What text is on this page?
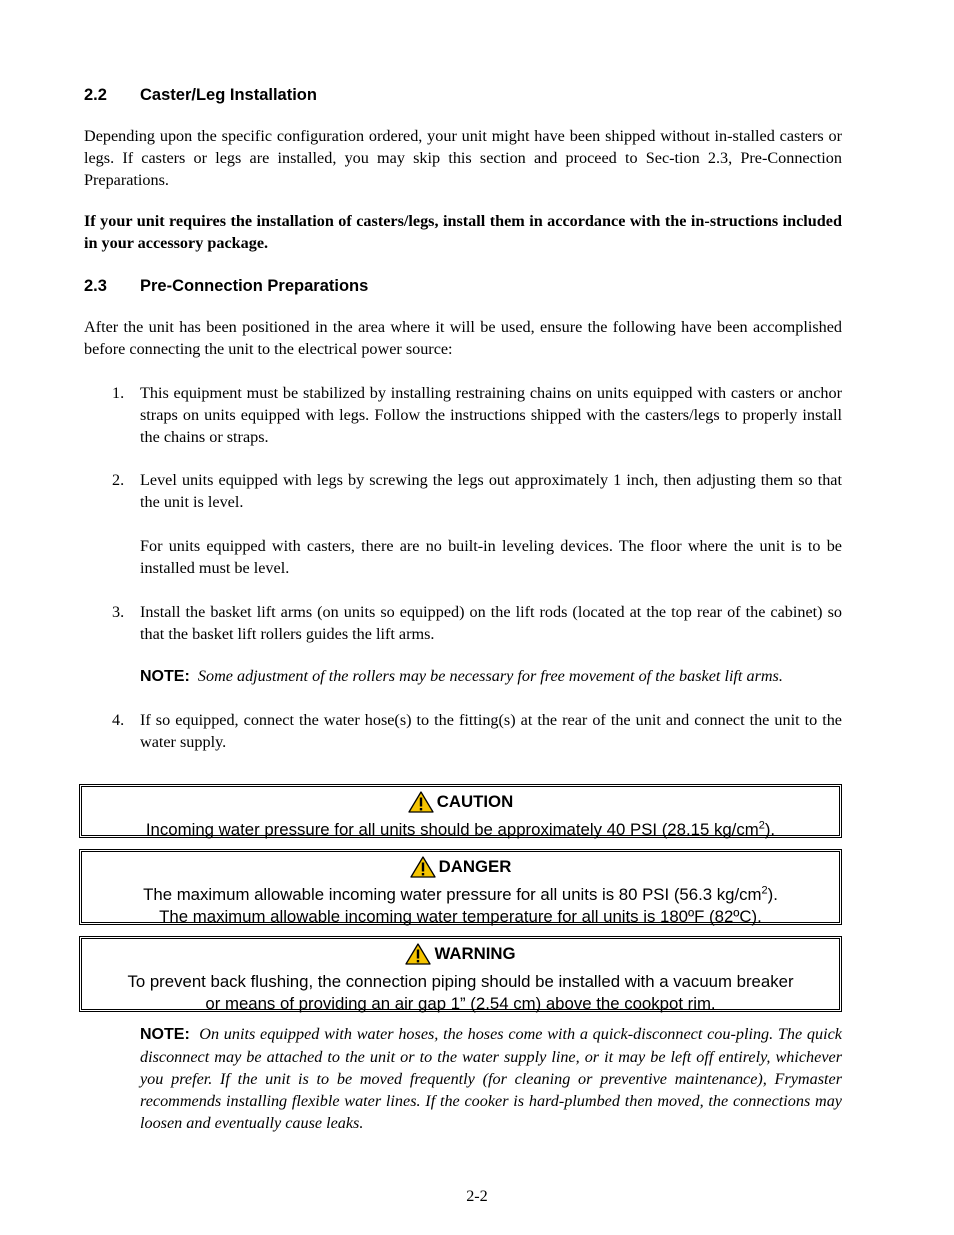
2.2 Caster/Leg Installation

Depending upon the specific configuration ordered, your unit might have been shipped without in-stalled casters or legs. If casters or legs are installed, you may skip this section and proceed to Sec-tion 2.3, Pre-Connection Preparations.

If your unit requires the installation of casters/legs, install them in accordance with the in-structions included in your accessory package.

2.3 Pre-Connection Preparations

After the unit has been positioned in the area where it will be used, ensure the following have been accomplished before connecting the unit to the electrical power source:

1. This equipment must be stabilized by installing restraining chains on units equipped with casters or anchor straps on units equipped with legs. Follow the instructions shipped with the casters/legs to properly install the chains or straps.

2. Level units equipped with legs by screwing the legs out approximately 1 inch, then adjusting them so that the unit is level.

For units equipped with casters, there are no built-in leveling devices. The floor where the unit is to be installed must be level.

3. Install the basket lift arms (on units so equipped) on the lift rods (located at the top rear of the cabinet) so that the basket lift rollers guides the lift arms.

NOTE: Some adjustment of the rollers may be necessary for free movement of the basket lift arms.

4. If so equipped, connect the water hose(s) to the fitting(s) at the rear of the unit and connect the unit to the water supply.

CAUTION
Incoming water pressure for all units should be approximately 40 PSI (28.15 $kg/cm^2$).
DANGER
The maximum allowable incoming water pressure for all units is 80 PSI (56.3 $kg/cm^2$).
The maximum allowable incoming water temperature for all units is 180ºF (82ºC).
WARNING
To prevent back flushing, the connection piping should be installed with a vacuum breaker
or means of providing an air gap 1” (2.54 cm) above the cookpot rim.

NOTE: On units equipped with water hoses, the hoses come with a quick-disconnect cou-pling. The quick disconnect may be attached to the unit or to the water supply line, or it may be left off entirely, whichever you prefer. If the unit is to be moved frequently (for cleaning or preventive maintenance), Frymaster recommends installing flexible water lines. If the cooker is hard-plumbed then moved, the connections may loosen and eventually cause leaks.

2-2
